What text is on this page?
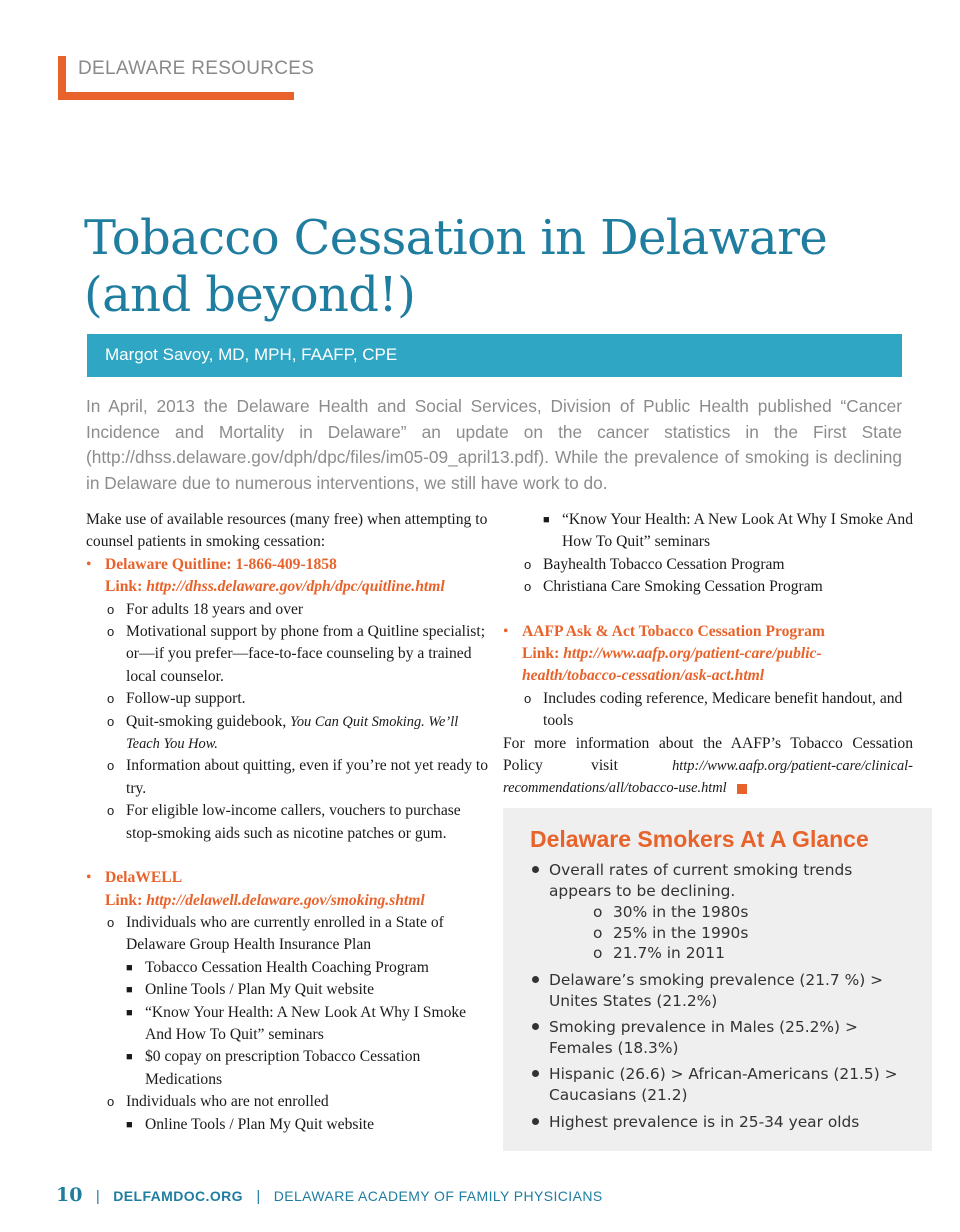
DELAWARE RESOURCES
Tobacco Cessation in Delaware
(and beyond!)
Margot Savoy, MD, MPH, FAAFP, CPE

In April, 2013 the Delaware Health and Social Services, Division of Public Health published “Cancer Incidence and Mortality in Delaware” an update on the cancer statistics in the First State (http://dhss.delaware.gov/dph/dpc/files/im05-09_april13.pdf). While the prevalence of smoking is declining in Delaware due to numerous interventions, we still have work to do.

Make use of available resources (many free) when attempting to counsel patients in smoking cessation:

• Delaware Quitline: 1-866-409-1858
Link: http://dhss.delaware.gov/dph/dpc/quitline.html
o For adults 18 years and over
o Motivational support by phone from a Quitline specialist; or—if you prefer—face-to-face counseling by a trained local counselor.
o Follow-up support.
o Quit-smoking guidebook, You Can Quit Smoking. We’ll Teach You How.
o Information about quitting, even if you’re not yet ready to try.
o For eligible low-income callers, vouchers to purchase stop-smoking aids such as nicotine patches or gum.
• DelaWELL
Link: http://delawell.delaware.gov/smoking.shtml
o Individuals who are currently enrolled in a State of Delaware Group Health Insurance Plan
■ Tobacco Cessation Health Coaching Program
■ Online Tools / Plan My Quit website
■ “Know Your Health: A New Look At Why I Smoke And How To Quit” seminars
■ $0 copay on prescription Tobacco Cessation Medications
o Individuals who are not enrolled
■ Online Tools / Plan My Quit website
■ “Know Your Health: A New Look At Why I Smoke And How To Quit” seminars
o Bayhealth Tobacco Cessation Program
o Christiana Care Smoking Cessation Program
• AAFP Ask & Act Tobacco Cessation Program
Link: http://www.aafp.org/patient-care/public-health/tobacco-cessation/ask-act.html
o Includes coding reference, Medicare benefit handout, and tools

For more information about the AAFP’s Tobacco Cessation Policy visit	http://www.aafp.org/patient-care/clinical-recommendations/all/tobacco-use.html

Delaware Smokers At A Glance
Overall rates of current smoking trends appears to be declining.
o 30% in the 1980s
o 25% in the 1990s
o 21.7% in 2011
Delaware’s smoking prevalence (21.7 %) > Unites States (21.2%)
Smoking prevalence in Males (25.2%) > Females (18.3%)
Hispanic (26.6) > African-Americans (21.5) > Caucasians (21.2)
Highest prevalence is in 25-34 year olds
10 | DELFAMDOC.ORG | DELAWARE ACADEMY OF FAMILY PHYSICIANS
